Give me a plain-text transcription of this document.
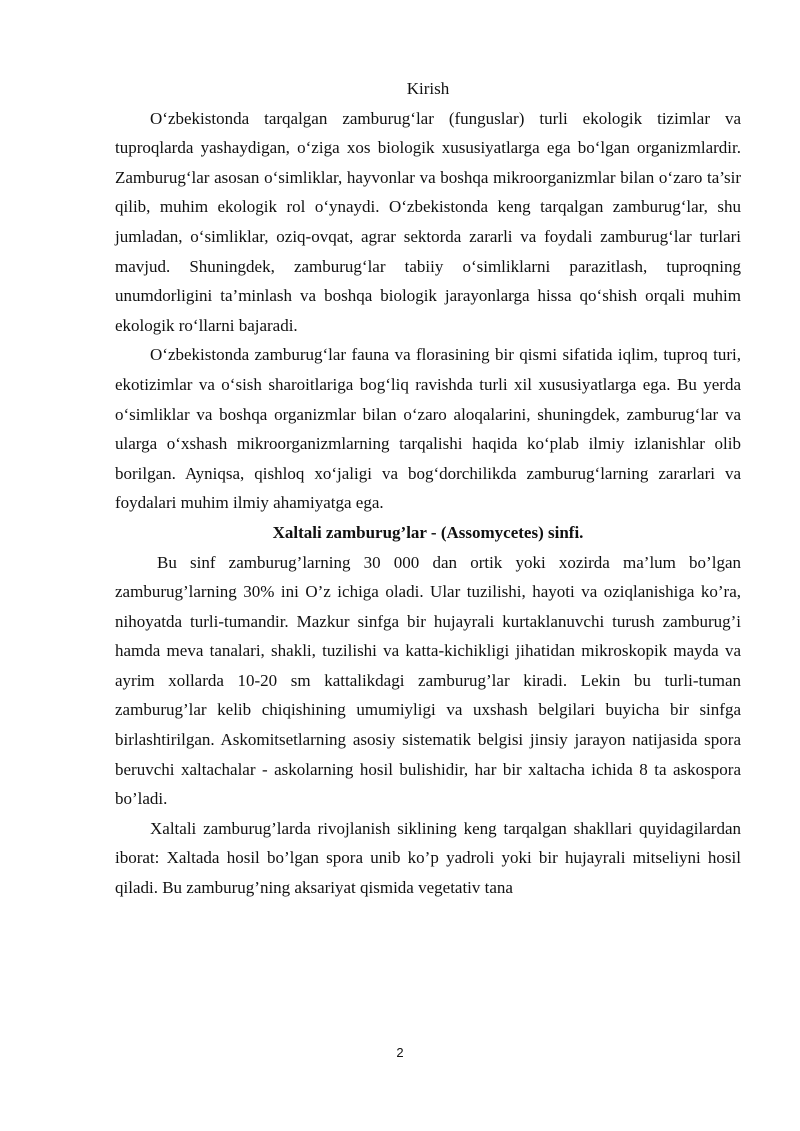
Kirish

O‘zbekistonda tarqalgan zamburug‘lar (funguslar) turli ekologik tizimlar va tuproqlarda yashaydigan, o‘ziga xos biologik xususiyatlarga ega bo‘lgan organizmlardir. Zamburug‘lar asosan o‘simliklar, hayvonlar va boshqa mikroorganizmlar bilan o‘zaro ta’sir qilib, muhim ekologik rol o‘ynaydi. O‘zbekistonda keng tarqalgan zamburug‘lar, shu jumladan, o‘simliklar, oziq-ovqat, agrar sektorda zararli va foydali zamburug‘lar turlari mavjud. Shuningdek, zamburug‘lar tabiiy o‘simliklarni parazitlash, tuproqning unumdorligini ta’minlash va boshqa biologik jarayonlarga hissa qo‘shish orqali muhim ekologik ro‘llarni bajaradi.

O‘zbekistonda zamburug‘lar fauna va florasining bir qismi sifatida iqlim, tuproq turi, ekotizimlar va o‘sish sharoitlariga bog‘liq ravishda turli xil xususiyatlarga ega. Bu yerda o‘simliklar va boshqa organizmlar bilan o‘zaro aloqalarini, shuningdek, zamburug‘lar va ularga o‘xshash mikroorganizmlarning tarqalishi haqida ko‘plab ilmiy izlanishlar olib borilgan. Ayniqsa, qishloq xo‘jaligi va bog‘dorchilikda zamburug‘larning zararlari va foydalari muhim ilmiy ahamiyatga ega.

Xaltali zamburug’lar - (Assomycetes) sinfi.

Bu sinf zamburug’larning 30 000 dan ortik yoki xozirda ma’lum bo’lgan zamburug’larning 30% ini O’z ichiga oladi. Ular tuzilishi, hayoti va oziqlanishiga ko’ra, nihoyatda turli-tumandir. Mazkur sinfga bir hujayrali kurtaklanuvchi turush zamburug’i hamda meva tanalari, shakli, tuzilishi va katta-kichikligi jihatidan mikroskopik mayda va ayrim xollarda 10-20 sm kattalikdagi zamburug’lar kiradi. Lekin bu turli-tuman zamburug’lar kelib chiqishining umumiyligi va uxshash belgilari buyicha bir sinfga birlashtirilgan. Askomitsetlarning asosiy sistematik belgisi jinsiy jarayon natijasida spora beruvchi xaltachalar - askolarning hosil bulishidir, har bir xaltacha ichida 8 ta askospora bo’ladi.

Xaltali zamburug’larda rivojlanish siklining keng tarqalgan shakllari quyidagilardan iborat: Xaltada hosil bo’lgan spora unib ko’p yadroli yoki bir hujayrali mitseliyni hosil qiladi. Bu zamburug’ning aksariyat qismida vegetativ tana

2
